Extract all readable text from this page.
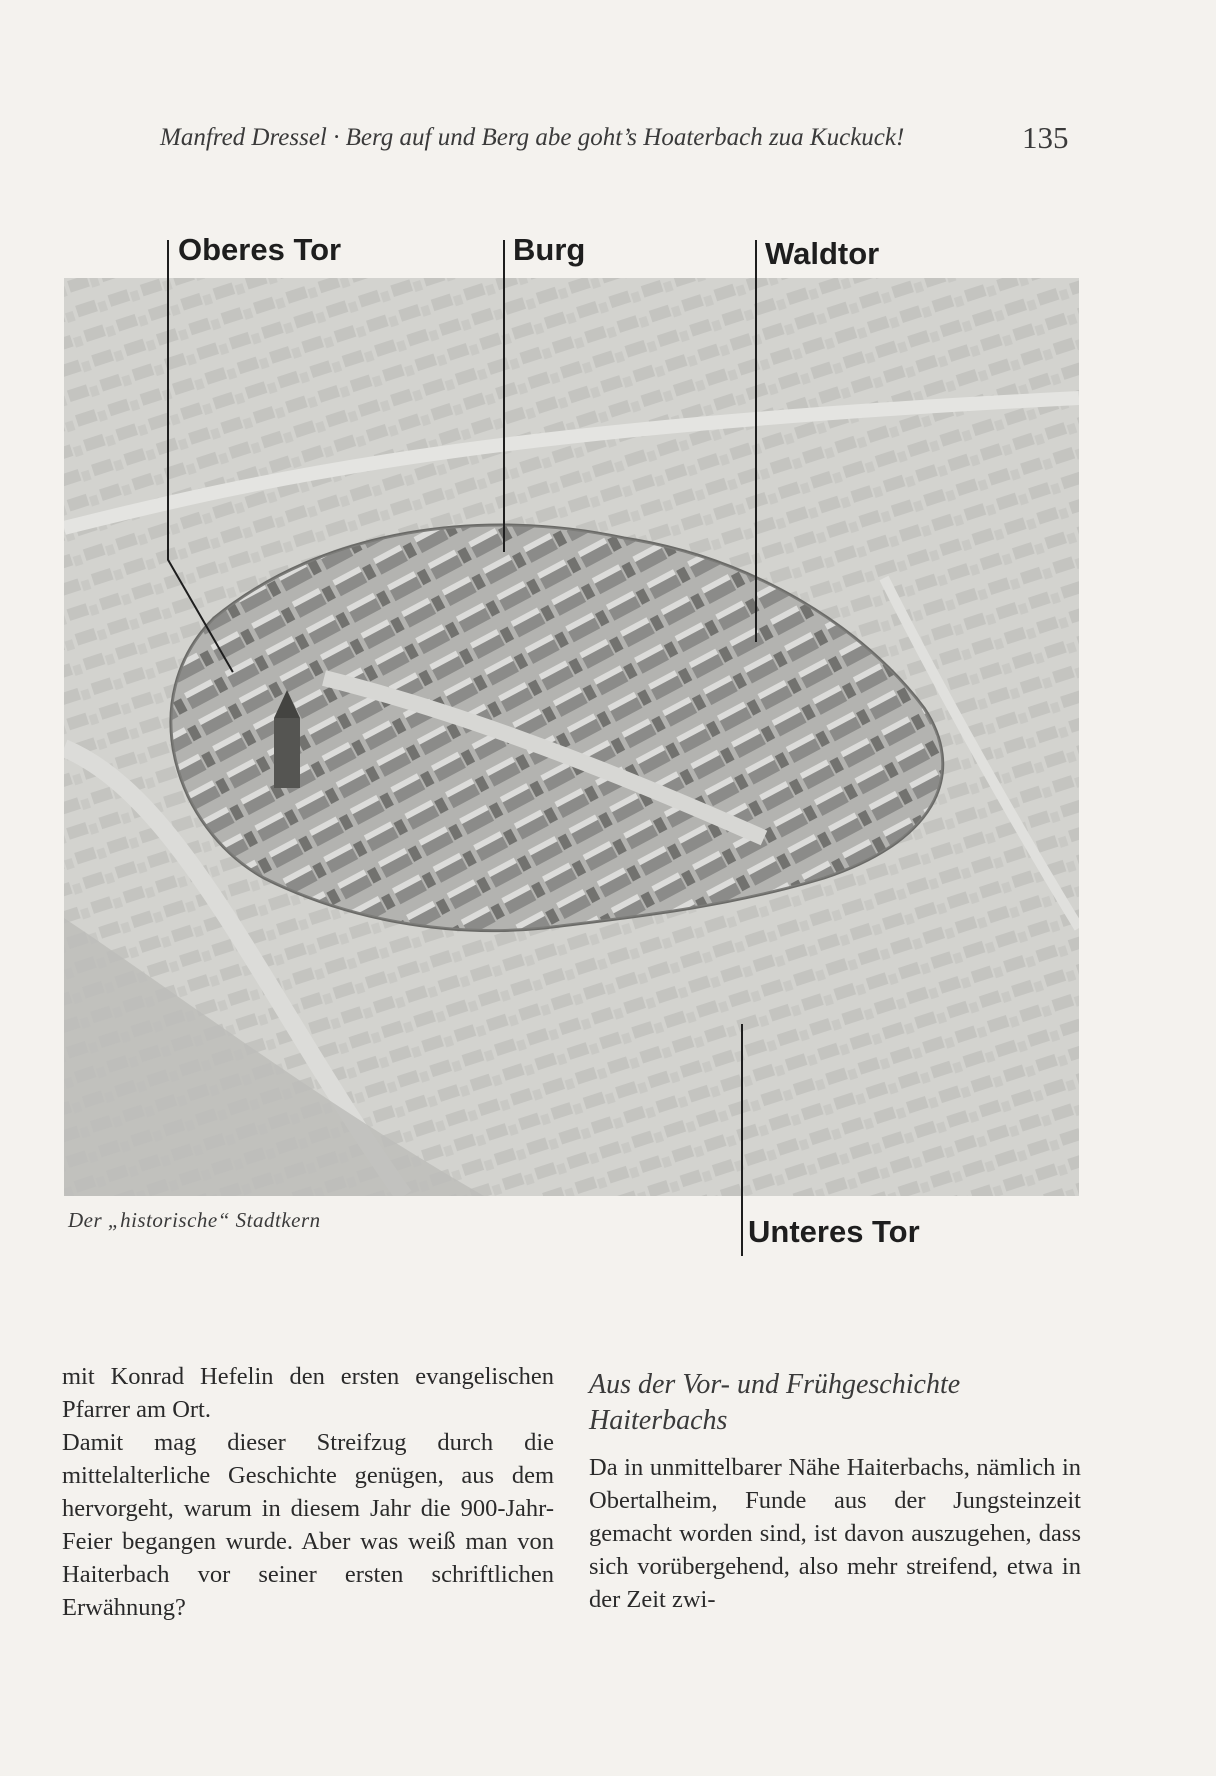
Manfred Dressel · Berg auf und Berg abe goht’s Hoaterbach zua Kuckuck!	135
Oberes Tor	Burg	Waldtor
Unteres Tor
Der „historische“ Stadtkern

mit Konrad Hefelin den ersten evangelischen Pfarrer am Ort.

Damit mag dieser Streifzug durch die mittelalterliche Geschichte genügen, aus dem hervorgeht, warum in diesem Jahr die 900-Jahr-Feier begangen wurde. Aber was weiß man von Haiterbach vor seiner ersten schriftlichen Erwähnung?

Aus der Vor- und Frühgeschichte Haiterbachs

Da in unmittelbarer Nähe Haiterbachs, nämlich in Obertalheim, Funde aus der Jungsteinzeit gemacht worden sind, ist davon auszugehen, dass sich vorübergehend, also mehr streifend, etwa in der Zeit zwi-
